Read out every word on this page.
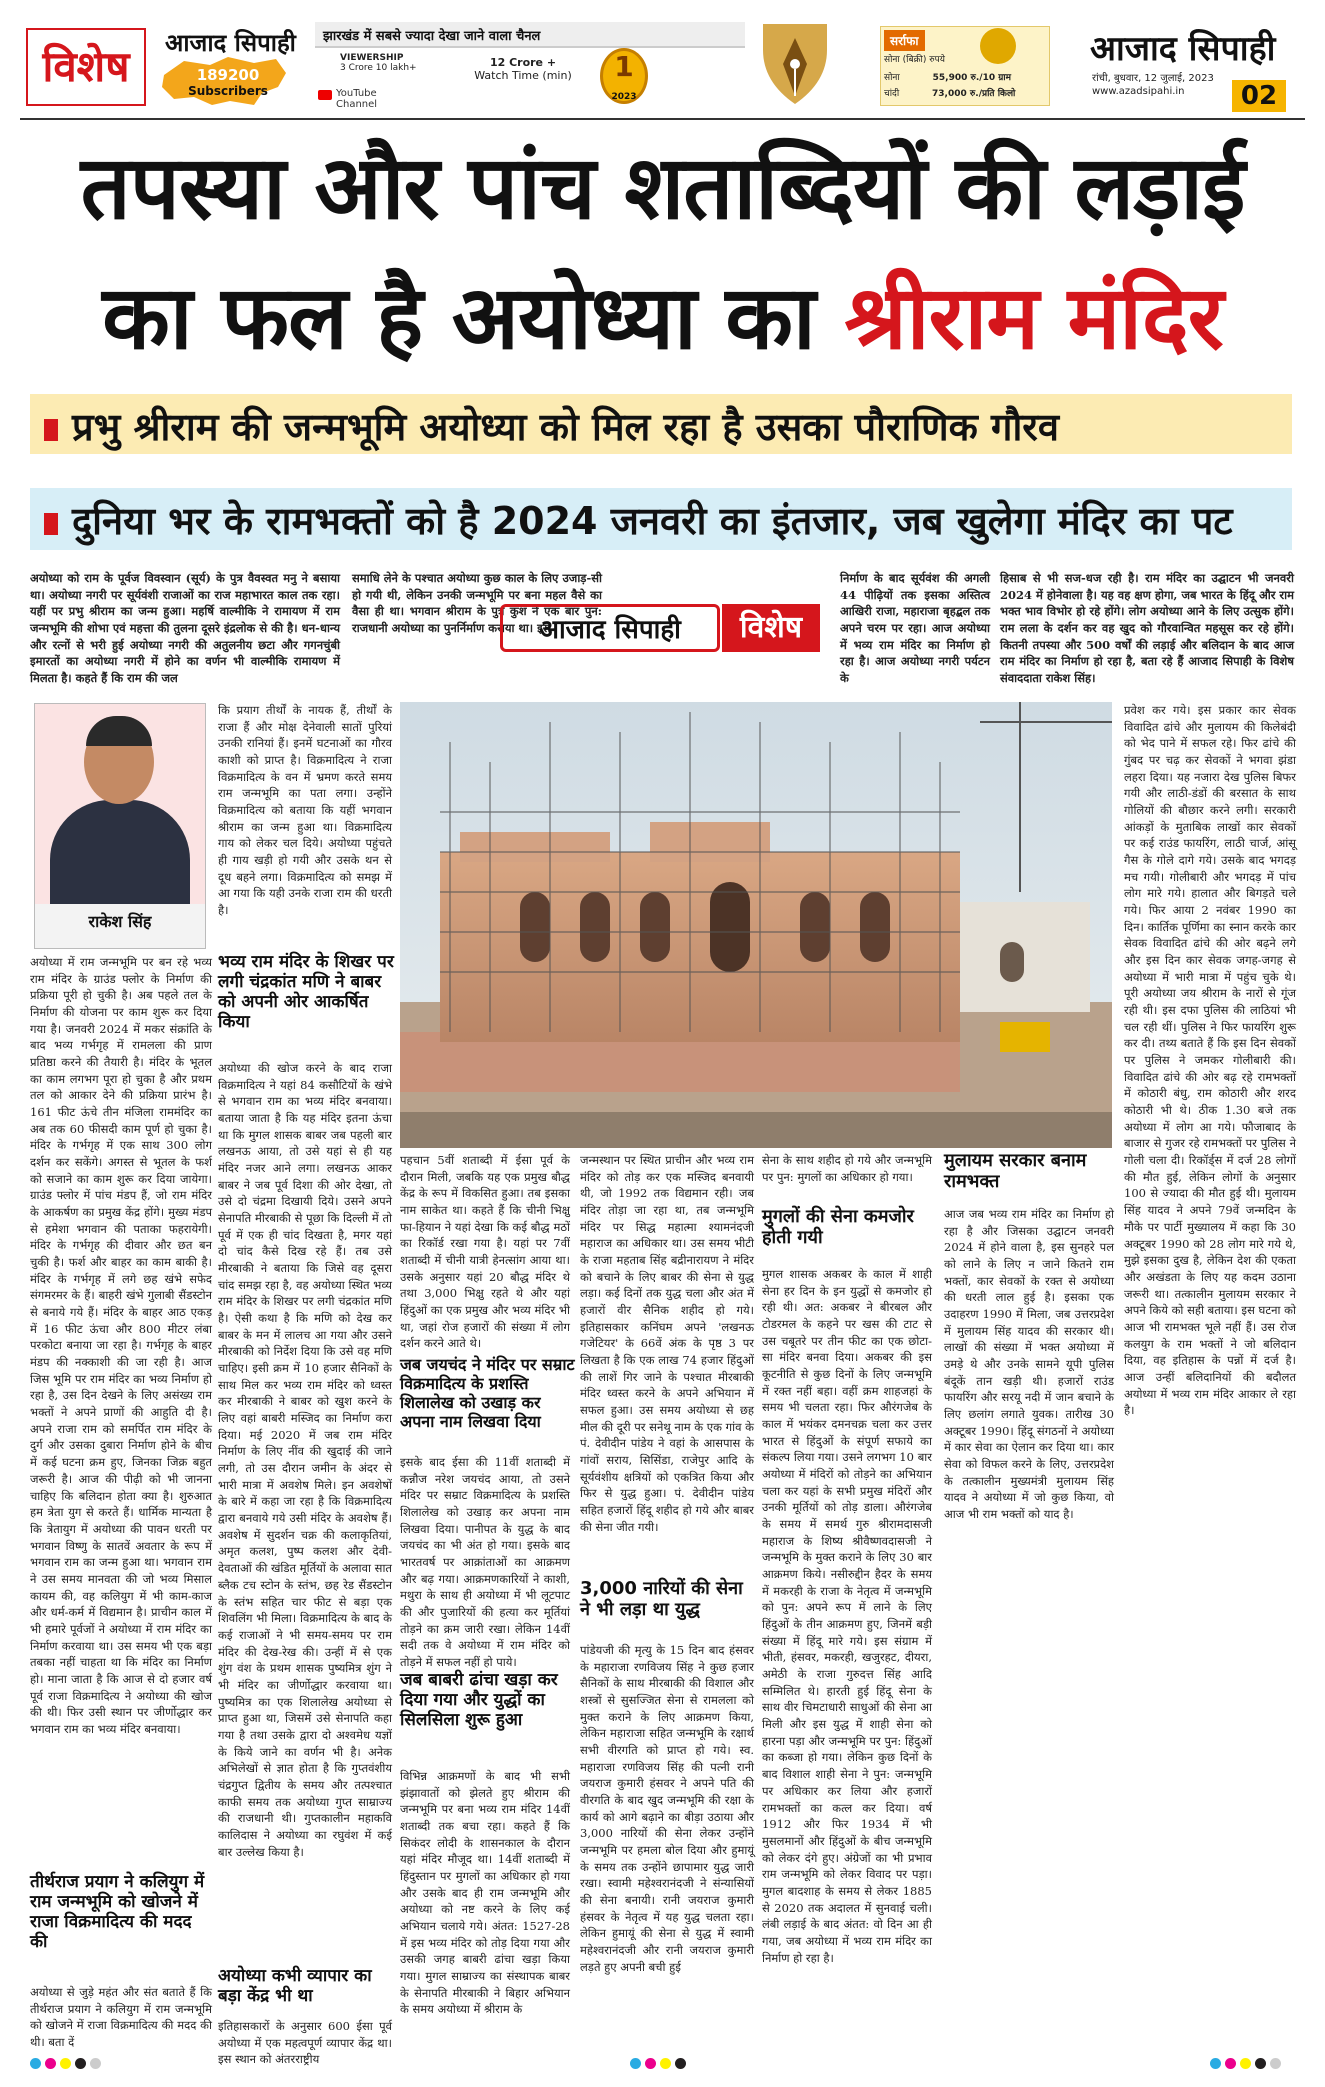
विशेष	आजाद सिपाही
189200
Subscribers
झारखंड में सबसे ज्यादा देखा जाने वाला चैनल
VIEWERSHIP
3 Crore 10 lakh+	12 Crore +
Watch Time (min)
YouTube Channel
1
2023
सर्राफा
सोना (बिक्री) रुपये
सोना	55,900 रु./10 ग्राम
चांदी	73,000 रु./प्रति किलो
आजाद सिपाही
रांची, बुधवार, 12 जुलाई, 2023
www.azadsipahi.in	02
तपस्या और पांच शताब्दियों की लड़ाई
का फल है अयोध्या का श्रीराम मंदिर
प्रभु श्रीराम की जन्मभूमि अयोध्या को मिल रहा है उसका पौराणिक गौरव
दुनिया भर के रामभक्तों को है 2024 जनवरी का इंतजार, जब खुलेगा मंदिर का पट
अयोध्या को राम के पूर्वज विवस्वान (सूर्य) के पुत्र वैवस्वत मनु ने बसाया था। अयोध्या नगरी पर सूर्यवंशी राजाओं का राज महाभारत काल तक रहा। यहीं पर प्रभु श्रीराम का जन्म हुआ। महर्षि वाल्मीकि ने रामायण में राम जन्मभूमि की शोभा एवं महत्ता की तुलना दूसरे इंद्रलोक से की है। धन-धान्य और रत्नों से भरी हुई अयोध्या नगरी की अतुलनीय छटा और गगनचुंबी इमारतों का अयोध्या नगरी में होने का वर्णन भी वाल्मीकि रामायण में मिलता है। कहते हैं कि राम की जल
समाधि लेने के पश्चात अयोध्या कुछ काल के लिए उजाड़-सी हो गयी थी, लेकिन उनकी जन्मभूमि पर बना महल वैसे का वैसा ही था। भगवान श्रीराम के पुत्र कुश ने एक बार पुन: राजधानी अयोध्या का पुनर्निर्माण कराया था। इस
आजाद सिपाही	विशेष
निर्माण के बाद सूर्यवंश की अगली 44 पीढ़ियों तक इसका अस्तित्व आखिरी राजा, महाराजा बृहद्बल तक अपने चरम पर रहा। आज अयोध्या में भव्य राम मंदिर का निर्माण हो रहा है। आज अयोध्या नगरी पर्यटन के
हिसाब से भी सज-धज रही है। राम मंदिर का उद्घाटन भी जनवरी 2024 में होनेवाला है। यह वह क्षण होगा, जब भारत के हिंदू और राम भक्त भाव विभोर हो रहे होंगे। लोग अयोध्या आने के लिए उत्सुक होंगे। राम लला के दर्शन कर वह खुद को गौरवान्वित महसूस कर रहे होंगे। कितनी तपस्या और 500 वर्षों की लड़ाई और बलिदान के बाद आज राम मंदिर का निर्माण हो रहा है, बता रहे हैं आजाद सिपाही के विशेष संवाददाता राकेश सिंह।
राकेश सिंह
अयोध्या में राम जन्मभूमि पर बन रहे भव्य राम मंदिर के ग्राउंड फ्लोर के निर्माण की प्रक्रिया पूरी हो चुकी है। अब पहले तल के निर्माण की योजना पर काम शुरू कर दिया गया है। जनवरी 2024 में मकर संक्रांति के बाद भव्य गर्भगृह में रामलला की प्राण प्रतिष्ठा करने की तैयारी है। मंदिर के भूतल का काम लगभग पूरा हो चुका है और प्रथम तल को आकार देने की प्रक्रिया प्रारंभ है। 161 फीट ऊंचे तीन मंजिला राममंदिर का अब तक 60 फीसदी काम पूर्ण हो चुका है। मंदिर के गर्भगृह में एक साथ 300 लोग दर्शन कर सकेंगे। अगस्त से भूतल के फर्श को सजाने का काम शुरू कर दिया जायेगा। ग्राउंड फ्लोर में पांच मंडप हैं, जो राम मंदिर के आकर्षण का प्रमुख केंद्र होंगे। मुख्य मंडप से हमेशा भगवान की पताका फहरायेगी। मंदिर के गर्भगृह की दीवार और छत बन चुकी है। फर्श और बाहर का काम बाकी है। मंदिर के गर्भगृह में लगे छह खंभे सफेद संगमरमर के हैं। बाहरी खंभे गुलाबी सैंडस्टोन से बनाये गये हैं। मंदिर के बाहर आठ एकड़ में 16 फीट ऊंचा और 800 मीटर लंबा परकोटा बनाया जा रहा है। गर्भगृह के बाहर मंडप की नक्काशी की जा रही है। आज जिस भूमि पर राम मंदिर का भव्य निर्माण हो रहा है, उस दिन देखने के लिए असंख्य राम भक्तों ने अपने प्राणों की आहुति दी है। अपने राजा राम को समर्पित राम मंदिर के दुर्ग और उसका दुबारा निर्माण होने के बीच में कई घटना क्रम हुए, जिनका जिक्र बहुत जरूरी है। आज की पीढ़ी को भी जानना चाहिए कि बलिदान होता क्या है। शुरुआत हम त्रेता युग से करते हैं। धार्मिक मान्यता है कि त्रेतायुग में अयोध्या की पावन धरती पर भगवान विष्णु के सातवें अवतार के रूप में भगवान राम का जन्म हुआ था। भगवान राम ने उस समय मानवता की जो भव्य मिसाल कायम की, वह कलियुग में भी काम-काज और धर्म-कर्म में विद्यमान है। प्राचीन काल में भी हमारे पूर्वजों ने अयोध्या में राम मंदिर का निर्माण करवाया था। उस समय भी एक बड़ा तबका नहीं चाहता था कि मंदिर का निर्माण हो। माना जाता है कि आज से दो हजार वर्ष पूर्व राजा विक्रमादित्य ने अयोध्या की खोज की थी। फिर उसी स्थान पर जीर्णोद्धार कर भगवान राम का भव्य मंदिर बनवाया।
तीर्थराज प्रयाग ने कलियुग में राम जन्मभूमि को खोजने में राजा विक्रमादित्य की मदद की
अयोध्या से जुड़े महंत और संत बताते हैं कि तीर्थराज प्रयाग ने कलियुग में राम जन्मभूमि को खोजने में राजा विक्रमादित्य की मदद की थी। बता दें
कि प्रयाग तीर्थों के नायक हैं, तीर्थों के राजा हैं और मोक्ष देनेवाली सातों पुरियां उनकी रानियां हैं। इनमें घटनाओं का गौरव काशी को प्राप्त है। विक्रमादित्य ने राजा विक्रमादित्य के वन में भ्रमण करते समय राम जन्मभूमि का पता लगा। उन्होंने विक्रमादित्य को बताया कि यहीं भगवान श्रीराम का जन्म हुआ था। विक्रमादित्य गाय को लेकर चल दिये। अयोध्या पहुंचते ही गाय खड़ी हो गयी और उसके थन से दूध बहने लगा। विक्रमादित्य को समझ में आ गया कि यही उनके राजा राम की धरती है।
भव्य राम मंदिर के शिखर पर लगी चंद्रकांत मणि ने बाबर को अपनी ओर आकर्षित किया
अयोध्या की खोज करने के बाद राजा विक्रमादित्य ने यहां 84 कसौटियों के खंभे से भगवान राम का भव्य मंदिर बनवाया। बताया जाता है कि यह मंदिर इतना ऊंचा था कि मुगल शासक बाबर जब पहली बार लखनऊ आया, तो उसे यहां से ही यह मंदिर नजर आने लगा। लखनऊ आकर बाबर ने जब पूर्व दिशा की ओर देखा, तो उसे दो चंद्रमा दिखायी दिये। उसने अपने सेनापति मीरबाकी से पूछा कि दिल्ली में तो पूर्व में एक ही चांद दिखता है, मगर यहां दो चांद कैसे दिख रहे हैं। तब उसे मीरबाकी ने बताया कि जिसे वह दूसरा चांद समझ रहा है, वह अयोध्या स्थित भव्य राम मंदिर के शिखर पर लगी चंद्रकांत मणि है। ऐसी कथा है कि मणि को देख कर बाबर के मन में लालच आ गया और उसने मीरबाकी को निर्देश दिया कि उसे वह मणि चाहिए। इसी क्रम में 10 हजार सैनिकों के साथ मिल कर भव्य राम मंदिर को ध्वस्त कर मीरबाकी ने बाबर को खुश करने के लिए वहां बाबरी मस्जिद का निर्माण करा दिया। मई 2020 में जब राम मंदिर निर्माण के लिए नींव की खुदाई की जाने लगी, तो उस दौरान जमीन के अंदर से भारी मात्रा में अवशेष मिले। इन अवशेषों के बारे में कहा जा रहा है कि विक्रमादित्य द्वारा बनवाये गये उसी मंदिर के अवशेष हैं। अवशेष में सुदर्शन चक्र की कलाकृतियां, अमृत कलश, पुष्प कलश और देवी-देवताओं की खंडित मूर्तियों के अलावा सात ब्लैक टच स्टोन के स्तंभ, छह रेड सैंडस्टोन के स्तंभ सहित चार फीट से बड़ा एक शिवलिंग भी मिला। विक्रमादित्य के बाद के कई राजाओं ने भी समय-समय पर राम मंदिर की देख-रेख की। उन्हीं में से एक शुंग वंश के प्रथम शासक पुष्यमित्र शुंग ने भी मंदिर का जीर्णोद्धार करवाया था। पुष्यमित्र का एक शिलालेख अयोध्या से प्राप्त हुआ था, जिसमें उसे सेनापति कहा गया है तथा उसके द्वारा दो अश्वमेध यज्ञों के किये जाने का वर्णन भी है। अनेक अभिलेखों से ज्ञात होता है कि गुप्तवंशीय चंद्रगुप्त द्वितीय के समय और तत्पश्चात काफी समय तक अयोध्या गुप्त साम्राज्य की राजधानी थी। गुप्तकालीन महाकवि कालिदास ने अयोध्या का रघुवंश में कई बार उल्लेख किया है।
अयोध्या कभी व्यापार का बड़ा केंद्र भी था
इतिहासकारों के अनुसार 600 ईसा पूर्व अयोध्या में एक महत्वपूर्ण व्यापार केंद्र था। इस स्थान को अंतरराष्ट्रीय
पहचान 5वीं शताब्दी में ईसा पूर्व के दौरान मिली, जबकि यह एक प्रमुख बौद्ध केंद्र के रूप में विकसित हुआ। तब इसका नाम साकेत था। कहते हैं कि चीनी भिक्षु फा-हियान ने यहां देखा कि कई बौद्ध मठों का रिकॉर्ड रखा गया है। यहां पर 7वीं शताब्दी में चीनी यात्री हेनत्सांग आया था। उसके अनुसार यहां 20 बौद्ध मंदिर थे तथा 3,000 भिक्षु रहते थे और यहां हिंदुओं का एक प्रमुख और भव्य मंदिर भी था, जहां रोज हजारों की संख्या में लोग दर्शन करने आते थे।
जब जयचंद ने मंदिर पर सम्राट विक्रमादित्य के प्रशस्ति शिलालेख को उखाड़ कर अपना नाम लिखवा दिया
इसके बाद ईसा की 11वीं शताब्दी में कन्नौज नरेश जयचंद आया, तो उसने मंदिर पर सम्राट विक्रमादित्य के प्रशस्ति शिलालेख को उखाड़ कर अपना नाम लिखवा दिया। पानीपत के युद्ध के बाद जयचंद का भी अंत हो गया। इसके बाद भारतवर्ष पर आक्रांताओं का आक्रमण और बढ़ गया। आक्रमणकारियों ने काशी, मथुरा के साथ ही अयोध्या में भी लूटपाट की और पुजारियों की हत्या कर मूर्तियां तोड़ने का क्रम जारी रखा। लेकिन 14वीं सदी तक वे अयोध्या में राम मंदिर को तोड़ने में सफल नहीं हो पाये।
जब बाबरी ढांचा खड़ा कर दिया गया और युद्धों का सिलसिला शुरू हुआ
विभिन्न आक्रमणों के बाद भी सभी झंझावातों को झेलते हुए श्रीराम की जन्मभूमि पर बना भव्य राम मंदिर 14वीं शताब्दी तक बचा रहा। कहते हैं कि सिकंदर लोदी के शासनकाल के दौरान यहां मंदिर मौजूद था। 14वीं शताब्दी में हिंदुस्तान पर मुगलों का अधिकार हो गया और उसके बाद ही राम जन्मभूमि और अयोध्या को नष्ट करने के लिए कई अभियान चलाये गये। अंतत: 1527-28 में इस भव्य मंदिर को तोड़ दिया गया और उसकी जगह बाबरी ढांचा खड़ा किया गया। मुगल साम्राज्य का संस्थापक बाबर के सेनापति मीरबाकी ने बिहार अभियान के समय अयोध्या में श्रीराम के
जन्मस्थान पर स्थित प्राचीन और भव्य राम मंदिर को तोड़ कर एक मस्जिद बनवायी थी, जो 1992 तक विद्यमान रही। जब मंदिर तोड़ा जा रहा था, तब जन्मभूमि मंदिर पर सिद्ध महात्मा श्यामनंदजी महाराज का अधिकार था। उस समय भीटी के राजा महताब सिंह बद्रीनारायण ने मंदिर को बचाने के लिए बाबर की सेना से युद्ध लड़ा। कई दिनों तक युद्ध चला और अंत में हजारों वीर सैनिक शहीद हो गये। इतिहासकार कनिंघम अपने 'लखनऊ गजेटियर' के 66वें अंक के पृष्ठ 3 पर लिखता है कि एक लाख 74 हजार हिंदुओं की लाशें गिर जाने के पश्चात मीरबाकी मंदिर ध्वस्त करने के अपने अभियान में सफल हुआ। उस समय अयोध्या से छह मील की दूरी पर सनेथू नाम के एक गांव के पं. देवीदीन पांडेय ने वहां के आसपास के गांवों सराय, सिसिंडा, राजेपुर आदि के सूर्यवंशीय क्षत्रियों को एकत्रित किया और फिर से युद्ध हुआ। पं. देवीदीन पांडेय सहित हजारों हिंदू शहीद हो गये और बाबर की सेना जीत गयी।
3,000 नारियों की सेना ने भी लड़ा था युद्ध
पांडेयजी की मृत्यु के 15 दिन बाद हंसवर के महाराजा रणविजय सिंह ने कुछ हजार सैनिकों के साथ मीरबाकी की विशाल और शस्त्रों से सुसज्जित सेना से रामलला को मुक्त कराने के लिए आक्रमण किया, लेकिन महाराजा सहित जन्मभूमि के रक्षार्थ सभी वीरगति को प्राप्त हो गये। स्व. महाराजा रणविजय सिंह की पत्नी रानी जयराज कुमारी हंसवर ने अपने पति की वीरगति के बाद खुद जन्मभूमि की रक्षा के कार्य को आगे बढ़ाने का बीड़ा उठाया और 3,000 नारियों की सेना लेकर उन्होंने जन्मभूमि पर हमला बोल दिया और हुमायूं के समय तक उन्होंने छापामार युद्ध जारी रखा। स्वामी महेश्वरानंदजी ने संन्यासियों की सेना बनायी। रानी जयराज कुमारी हंसवर के नेतृत्व में यह युद्ध चलता रहा। लेकिन हुमायूं की सेना से युद्ध में स्वामी महेश्वरानंदजी और रानी जयराज कुमारी लड़ते हुए अपनी बची हुई
सेना के साथ शहीद हो गये और जन्मभूमि पर पुन: मुगलों का अधिकार हो गया।
मुगलों की सेना कमजोर होती गयी
मुगल शासक अकबर के काल में शाही सेना हर दिन के इन युद्धों से कमजोर हो रही थी। अत: अकबर ने बीरबल और टोडरमल के कहने पर खस की टाट से उस चबूतरे पर तीन फीट का एक छोटा-सा मंदिर बनवा दिया। अकबर की इस कूटनीति से कुछ दिनों के लिए जन्मभूमि में रक्त नहीं बहा। वहीं क्रम शाहजहां के समय भी चलता रहा। फिर औरंगजेब के काल में भयंकर दमनचक्र चला कर उत्तर भारत से हिंदुओं के संपूर्ण सफाये का संकल्प लिया गया। उसने लगभग 10 बार अयोध्या में मंदिरों को तोड़ने का अभियान चला कर यहां के सभी प्रमुख मंदिरों और उनकी मूर्तियों को तोड़ डाला। औरंगजेब के समय में समर्थ गुरु श्रीरामदासजी महाराज के शिष्य श्रीवैष्णवदासजी ने जन्मभूमि के मुक्त कराने के लिए 30 बार आक्रमण किये। नसीरुद्दीन हैदर के समय में मकरही के राजा के नेतृत्व में जन्मभूमि को पुन: अपने रूप में लाने के लिए हिंदुओं के तीन आक्रमण हुए, जिनमें बड़ी संख्या में हिंदू मारे गये। इस संग्राम में भीती, हंसवर, मकरही, खजुरहट, दीयरा, अमेठी के राजा गुरुदत्त सिंह आदि सम्मिलित थे। हारती हुई हिंदू सेना के साथ वीर चिमटाधारी साधुओं की सेना आ मिली और इस युद्ध में शाही सेना को हारना पड़ा और जन्मभूमि पर पुन: हिंदुओं का कब्जा हो गया। लेकिन कुछ दिनों के बाद विशाल शाही सेना ने पुन: जन्मभूमि पर अधिकार कर लिया और हजारों रामभक्तों का कत्ल कर दिया। वर्ष 1912 और फिर 1934 में भी मुसलमानों और हिंदुओं के बीच जन्मभूमि को लेकर दंगे हुए। अंग्रेजों का भी प्रभाव राम जन्मभूमि को लेकर विवाद पर पड़ा। मुगल बादशाह के समय से लेकर 1885 से 2020 तक अदालत में सुनवाई चली। लंबी लड़ाई के बाद अंतत: वो दिन आ ही गया, जब अयोध्या में भव्य राम मंदिर का निर्माण हो रहा है।
मुलायम सरकार बनाम रामभक्त
आज जब भव्य राम मंदिर का निर्माण हो रहा है और जिसका उद्घाटन जनवरी 2024 में होने वाला है, इस सुनहरे पल को लाने के लिए न जाने कितने राम भक्तों, कार सेवकों के रक्त से अयोध्या की धरती लाल हुई है। इसका एक उदाहरण 1990 में मिला, जब उत्तरप्रदेश में मुलायम सिंह यादव की सरकार थी। लाखों की संख्या में भक्त अयोध्या में उमड़े थे और उनके सामने यूपी पुलिस बंदूकें तान खड़ी थी। हजारों राउंड फायरिंग और सरयू नदी में जान बचाने के लिए छलांग लगाते युवक। तारीख 30 अक्टूबर 1990। हिंदू संगठनों ने अयोध्या में कार सेवा का ऐलान कर दिया था। कार सेवा को विफल करने के लिए, उत्तरप्रदेश के तत्कालीन मुख्यमंत्री मुलायम सिंह यादव ने अयोध्या में जो कुछ किया, वो आज भी राम भक्तों को याद है।
प्रवेश कर गये। इस प्रकार कार सेवक विवादित ढांचे और मुलायम की किलेबंदी को भेद पाने में सफल रहे। फिर ढांचे की गुंबद पर चढ़ कर सेवकों ने भगवा झंडा लहरा दिया। यह नजारा देख पुलिस बिफर गयी और लाठी-डंडों की बरसात के साथ गोलियों की बौछार करने लगी। सरकारी आंकड़ों के मुताबिक लाखों कार सेवकों पर कई राउंड फायरिंग, लाठी चार्ज, आंसू गैस के गोले दागे गये। उसके बाद भगदड़ मच गयी। गोलीबारी और भगदड़ में पांच लोग मारे गये। हालात और बिगड़ते चले गये। फिर आया 2 नवंबर 1990 का दिन। कार्तिक पूर्णिमा का स्नान करके कार सेवक विवादित ढांचे की ओर बढ़ने लगे और इस दिन कार सेवक जगह-जगह से अयोध्या में भारी मात्रा में पहुंच चुके थे। पूरी अयोध्या जय श्रीराम के नारों से गूंज रही थी। इस दफा पुलिस की लाठियां भी चल रही थीं। पुलिस ने फिर फायरिंग शुरू कर दी। तथ्य बताते हैं कि इस दिन सेवकों पर पुलिस ने जमकर गोलीबारी की। विवादित ढांचे की ओर बढ़ रहे रामभक्तों में कोठारी बंधु, राम कोठारी और शरद कोठारी भी थे। ठीक 1.30 बजे तक अयोध्या में लोग आ गये। फौजाबाद के बाजार से गुजर रहे रामभक्तों पर पुलिस ने गोली चला दी। रिकॉर्ड्स में दर्ज 28 लोगों की मौत हुई, लेकिन लोगों के अनुसार 100 से ज्यादा की मौत हुई थी। मुलायम सिंह यादव ने अपने 79वें जन्मदिन के मौके पर पार्टी मुख्यालय में कहा कि 30 अक्टूबर 1990 को 28 लोग मारे गये थे, मुझे इसका दुख है, लेकिन देश की एकता और अखंडता के लिए यह कदम उठाना जरूरी था। तत्कालीन मुलायम सरकार ने अपने किये को सही बताया। इस घटना को आज भी रामभक्त भूले नहीं हैं। उस रोज कलयुग के राम भक्तों ने जो बलिदान दिया, वह इतिहास के पन्नों में दर्ज है। आज उन्हीं बलिदानियों की बदौलत अयोध्या में भव्य राम मंदिर आकार ले रहा है।
